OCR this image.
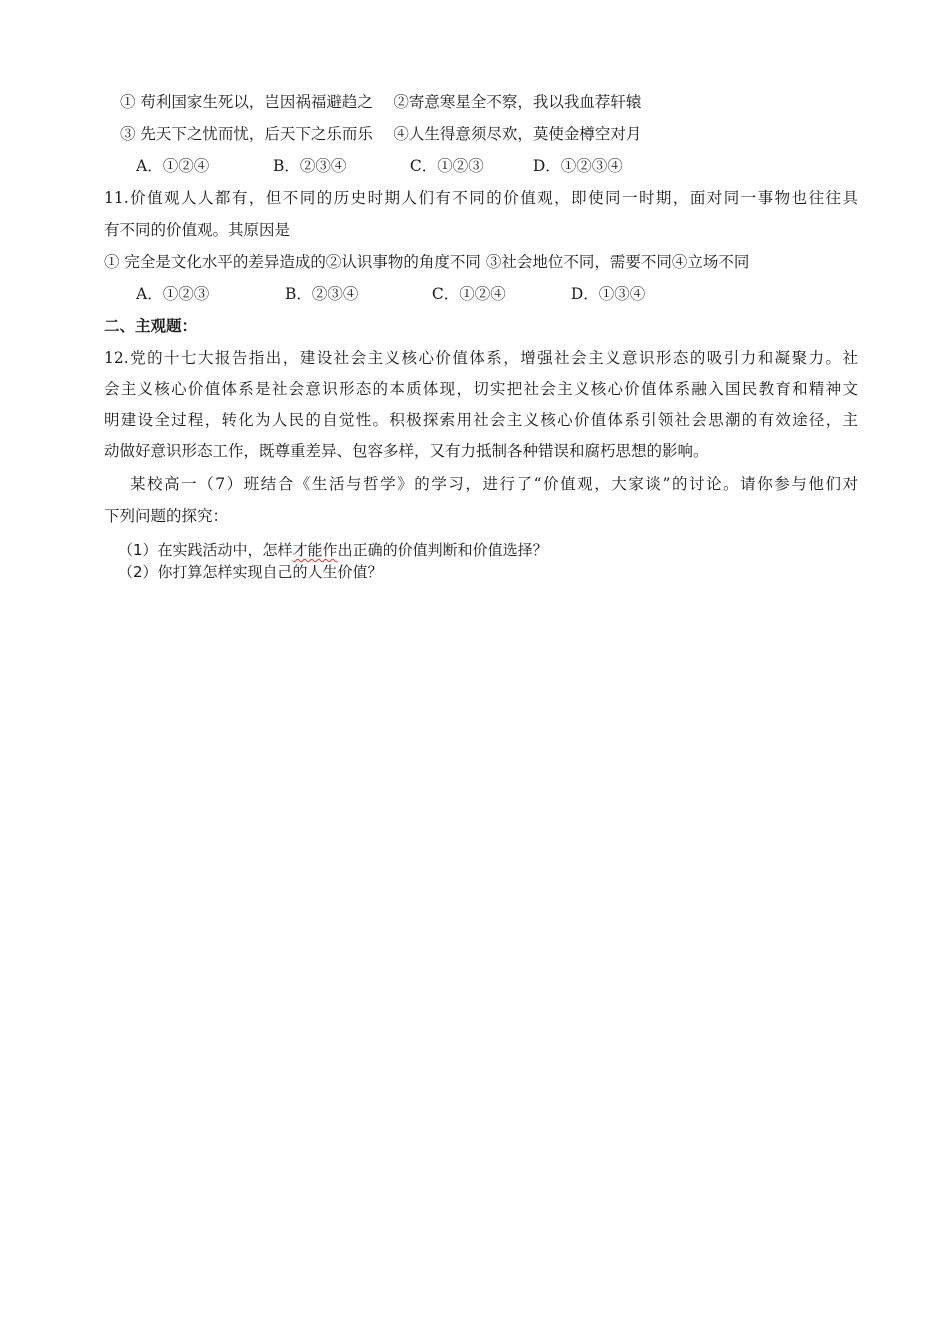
① 苟利国家生死以，岂因祸福避趋之　 ②寄意寒星全不察，我以我血荐轩辕
③ 先天下之忧而忧，后天下之乐而乐　 ④人生得意须尽欢，莫使金樽空对月
A．①②④	B．②③④	C．①②③	D．①②③④
11.价值观人人都有，但不同的历史时期人们有不同的价值观，即使同一时期，面对同一事物也往往具
有不同的价值观。其原因是
① 完全是文化水平的差异造成的②认识事物的角度不同 ③社会地位不同，需要不同④立场不同
A．①②③	B．②③④	C．①②④	D．①③④
二、主观题：
12.党的十七大报告指出，建设社会主义核心价值体系，增强社会主义意识形态的吸引力和凝聚力。社
会主义核心价值体系是社会意识形态的本质体现，切实把社会主义核心价值体系融入国民教育和精神文
明建设全过程，转化为人民的自觉性。积极探索用社会主义核心价值体系引领社会思潮的有效途径，主
动做好意识形态工作，既尊重差异、包容多样，又有力抵制各种错误和腐朽思想的影响。
某校高一（7）班结合《生活与哲学》的学习，进行了“价值观，大家谈”的讨论。请你参与他们对
下列问题的探究：
（1）在实践活动中，怎样才能作出正确的价值判断和价值选择？
（2）你打算怎样实现自己的人生价值？
